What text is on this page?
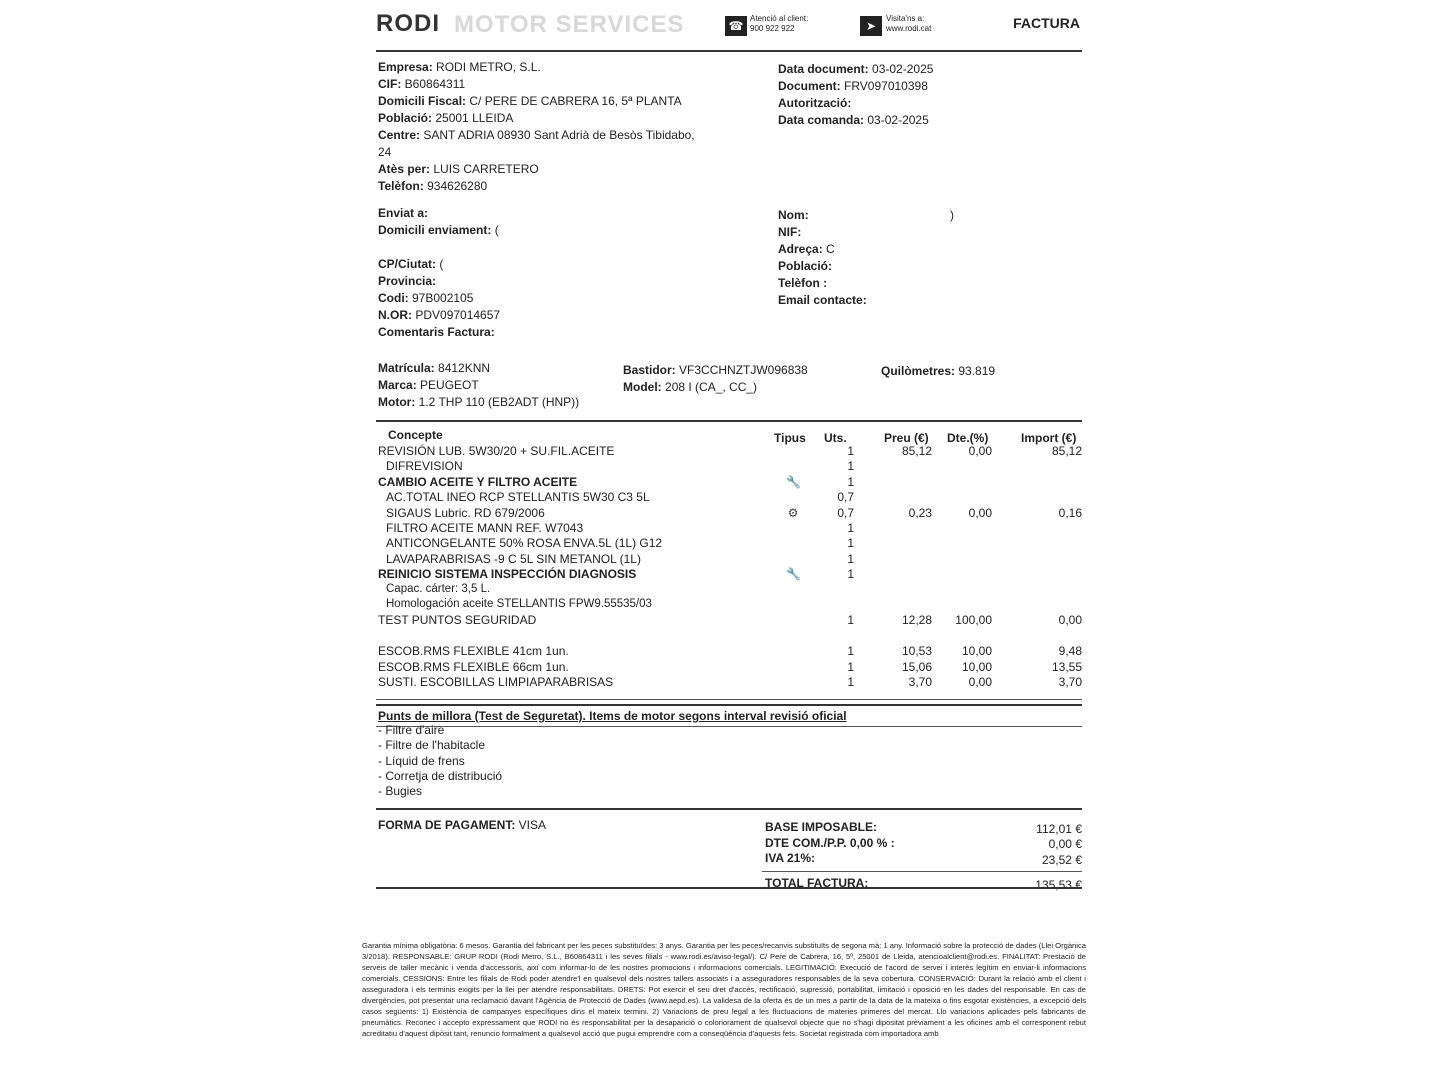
RODI MOTOR SERVICES	☎
Atenció al client:
900 922 922	➤
Visita'ns a:
www.rodi.cat	FACTURA
Empresa: RODI METRO, S.L.
CIF: B60864311
Domicili Fiscal: C/ PERE DE CABRERA 16, 5ª PLANTA
Població: 25001 LLEIDA
Centre: SANT ADRIA 08930 Sant Adrià de Besòs Tibidabo,
24
Atès per: LUIS CARRETERO
Telèfon: 934626280
Data document: 03-02-2025
Document: FRV097010398
Autorització:
Data comanda: 03-02-2025
Enviat a:
Domicili enviament: (

CP/Ciutat: (
Provincia:
Codi: 97B002105
N.OR: PDV097014657
Comentaris Factura:
Nom:	)
NIF:
Adreça: C
Població:
Telèfon :
Email contacte:
Matrícula: 8412KNN
Marca: PEUGEOT
Motor: 1.2 THP 110 (EB2ADT (HNP))
Bastidor: VF3CCHNZTJW096838
Model: 208 I (CA_, CC_)
Quilòmetres: 93.819
Concepte	Tipus Uts.	Preu (€) Dte.(%)	Import (€)
REVISIÓN LUB. 5W30/20 + SU.FIL.ACEITE	1	85,12	0,00	85,12
DIFREVISION	1
CAMBIO ACEITE Y FILTRO ACEITE	🔧	1
AC.TOTAL INEO RCP STELLANTIS 5W30 C3 5L	0,7
SIGAUS Lubric. RD 679/2006	⚙	0,7	0,23	0,00	0,16
FILTRO ACEITE MANN REF. W7043	1
ANTICONGELANTE 50% ROSA ENVA.5L (1L) G12	1
LAVAPARABRISAS -9 C 5L SIN METANOL (1L)	1
REINICIO SISTEMA INSPECCIÓN DIAGNOSIS	🔧	1
Capac. cárter: 3,5 L.
Homologación aceite STELLANTIS FPW9.55535/03
TEST PUNTOS SEGURIDAD	1	12,28	100,00	0,00
ESCOB.RMS FLEXIBLE 41cm 1un.	1	10,53	10,00	9,48
ESCOB.RMS FLEXIBLE 66cm 1un.	1	15,06	10,00	13,55
SUSTI. ESCOBILLAS LIMPIAPARABRISAS	1	3,70	0,00	3,70
Punts de millora (Test de Seguretat). Items de motor segons interval revisió oficial
- Filtre d'aire
- Filtre de l'habitacle
- Líquid de frens
- Corretja de distribució
- Bugies
FORMA DE PAGAMENT: VISA	BASE IMPOSABLE:	112,01 €
DTE COM./P.P. 0,00 % :	0,00 €
IVA 21%:	23,52 €
TOTAL FACTURA:	135,53 €
Garantia mínima obligatòria: 6 mesos. Garantia del fabricant per les peces substituïdes: 3 anys. Garantia per les peces/recanvis substituïts de segona mà: 1 any. Informació sobre la protecció de dades (Llei Orgànica 3/2018). RESPONSABLE: GRUP RODI (Rodi Metro, S.L., B60864311 i les seves filials - www.rodi.es/aviso-legal/). C/ Pere de Cabrera, 16, 5º, 25001 de Lleida, atencioalclient@rodi.es. FINALITAT: Prestació de serveis de taller mecànic i venda d'accessoris, així com informar-lo de les nostres promocions i informacions comercials. LEGITIMACIÓ: Execució de l'acord de servei i interès legítim en enviar-li informacions comercials. CESSIONS: Entre les filials de Rodi poder atendre'l en qualsevol dels nostres tallers associats i a asseguradores responsables de la seva cobertura. CONSERVACIÓ: Durant la relació amb el client i asseguradora i els terminis exigits per la llei per atendre responsabilitats. DRETS: Pot exercir el seu dret d'accés, rectificació, supressió, portabilitat, limitació i oposició en les dades del responsable. En cas de divergències, pot presentar una reclamació davant l'Agència de Protecció de Dades (www.aepd.es). La validesa de la oferta és de un mes a partir de la data de la mateixa o fins esgotar existències, a excepció dels casos següents: 1) Existència de campanyes específiques dins el mateix termini. 2) Variacions de preu legal a les fluctuacions de materies primeres del mercat. Llo variacions aplicades pels fabricants de pneumàtics. Reconec i accepto expressament que RODI no és responsabilitat per la desaparició o coloriorament de qualsevol objecte que no s'hagi dipositat prèviament a les oficines amb el corresponent rebut acreditatiu d'aquest dipòsit tant, renuncio formalment a qualsevol acció que pugui emprendre com a conseqüència d'aquests fets. Societat registrada com importadora amb
